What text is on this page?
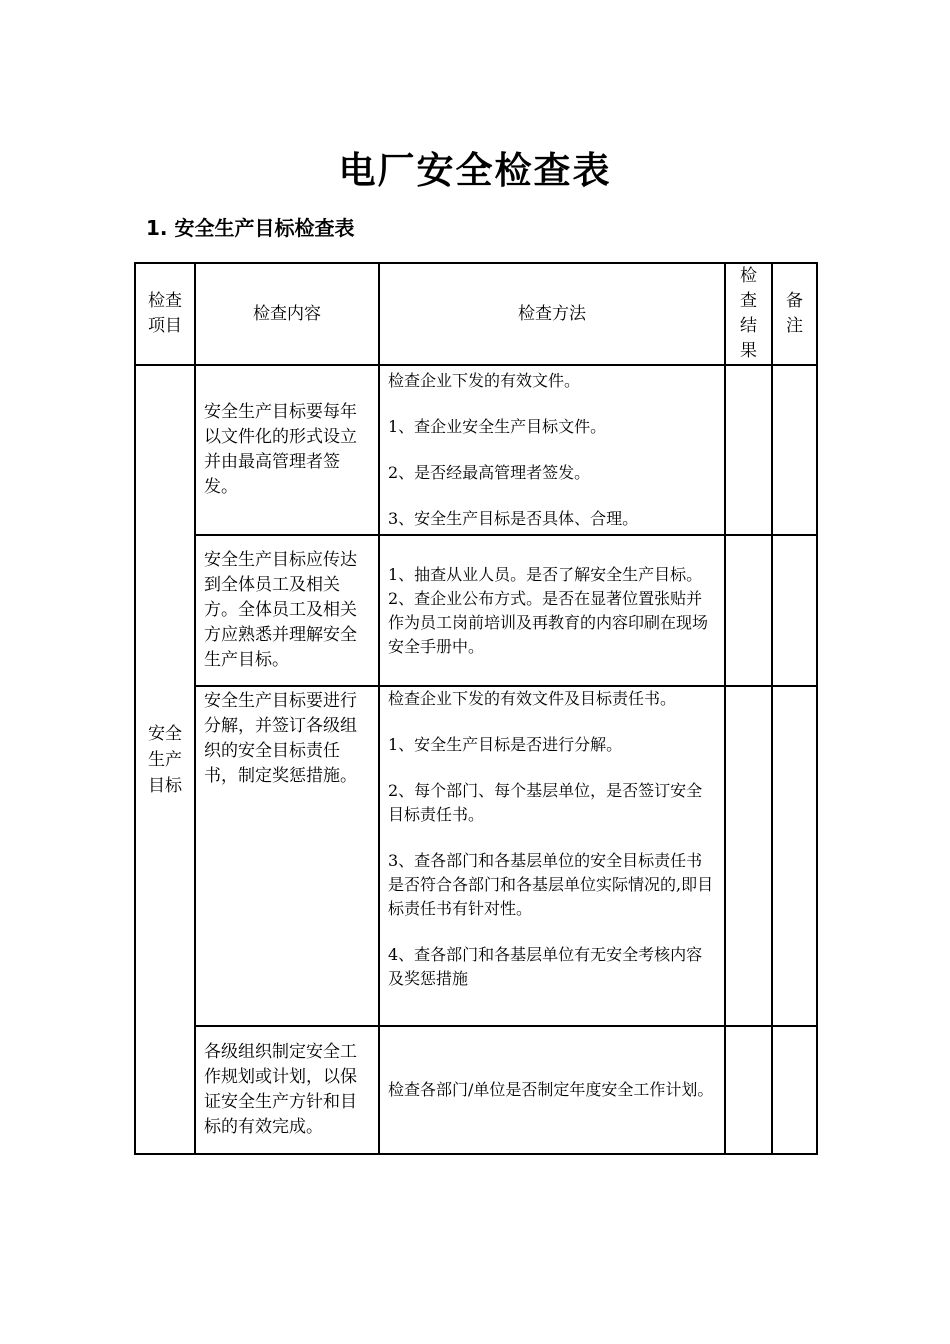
电厂安全检查表
1. 安全生产目标检查表
检查项目	检查内容	检查方法	检查结果	备注

安全生产目标	安全生产目标要每年以文件化的形式设立并由最高管理者签发。	检查企业下发的有效文件。

1、查企业安全生产目标文件。

2、是否经最高管理者签发。

3、安全生产目标是否具体、合理。		

	安全生产目标应传达到全体员工及相关方。全体员工及相关方应熟悉并理解安全生产目标。	1、抽查从业人员。是否了解安全生产目标。

2、查企业公布方式。是否在显著位置张贴并作为员工岗前培训及再教育的内容印刷在现场安全手册中。		

	安全生产目标要进行分解，并签订各级组织的安全目标责任书，制定奖惩措施。	检查企业下发的有效文件及目标责任书。

1、安全生产目标是否进行分解。

2、每个部门、每个基层单位，是否签订安全目标责任书。

3、查各部门和各基层单位的安全目标责任书是否符合各部门和各基层单位实际情况的,即目标责任书有针对性。

4、查各部门和各基层单位有无安全考核内容及奖惩措施		

	各级组织制定安全工作规划或计划，以保证安全生产方针和目标的有效完成。	检查各部门/单位是否制定年度安全工作计划。		
